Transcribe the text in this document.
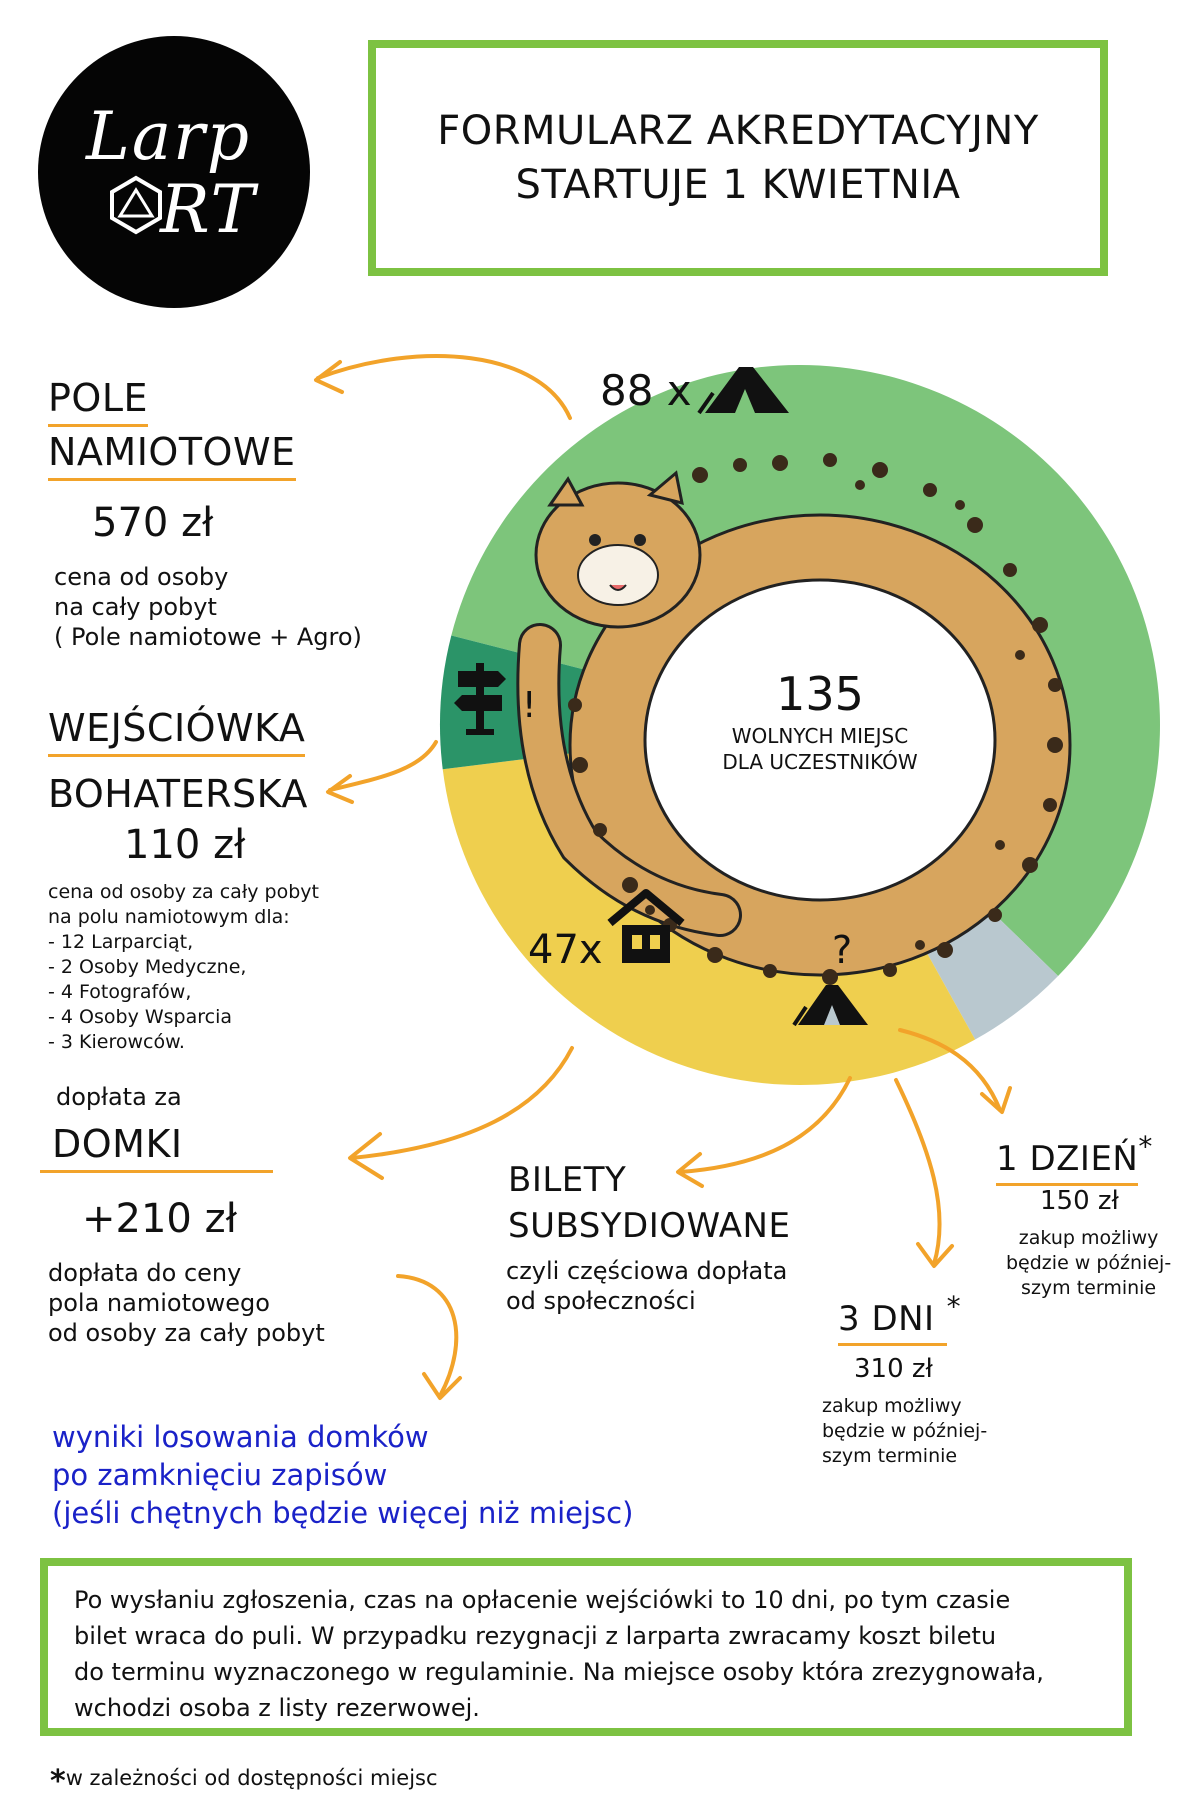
Larp
RT
FORMULARZ AKREDYTACYJNY
STARTUJE 1 KWIETNIA
88 x
135
WOLNYCH MIEJSC
DLA UCZESTNIKÓW
!
47x	?
POLE
NAMIOTOWE
570 zł
cena od osoby
na cały pobyt
( Pole namiotowe + Agro)
WEJŚCIÓWKA
BOHATERSKA
110 zł
cena od osoby za cały pobyt
na polu namiotowym dla:
- 12 Larparciąt,
- 2 Osoby Medyczne,
- 4 Fotografów,
- 4 Osoby Wsparcia
- 3 Kierowców.
dopłata za
DOMKI
+210 zł
dopłata do ceny
pola namiotowego
od osoby za cały pobyt
wyniki losowania domków
po zamknięciu zapisów
(jeśli chętnych będzie więcej niż miejsc)
BILETY
SUBSYDIOWANE
czyli częściowa dopłata
od społeczności
1 DZIEŃ*
150 zł
zakup możliwy
będzie w później-
szym terminie
3 DNI *
310 zł
zakup możliwy
będzie w później-
szym terminie
Po wysłaniu zgłoszenia, czas na opłacenie wejściówki to 10 dni, po tym czasie
bilet wraca do puli. W przypadku rezygnacji z larparta zwracamy koszt biletu
do terminu wyznaczonego w regulaminie. Na miejsce osoby która zrezygnowała,
wchodzi osoba z listy rezerwowej.
*w zależności od dostępności miejsc
